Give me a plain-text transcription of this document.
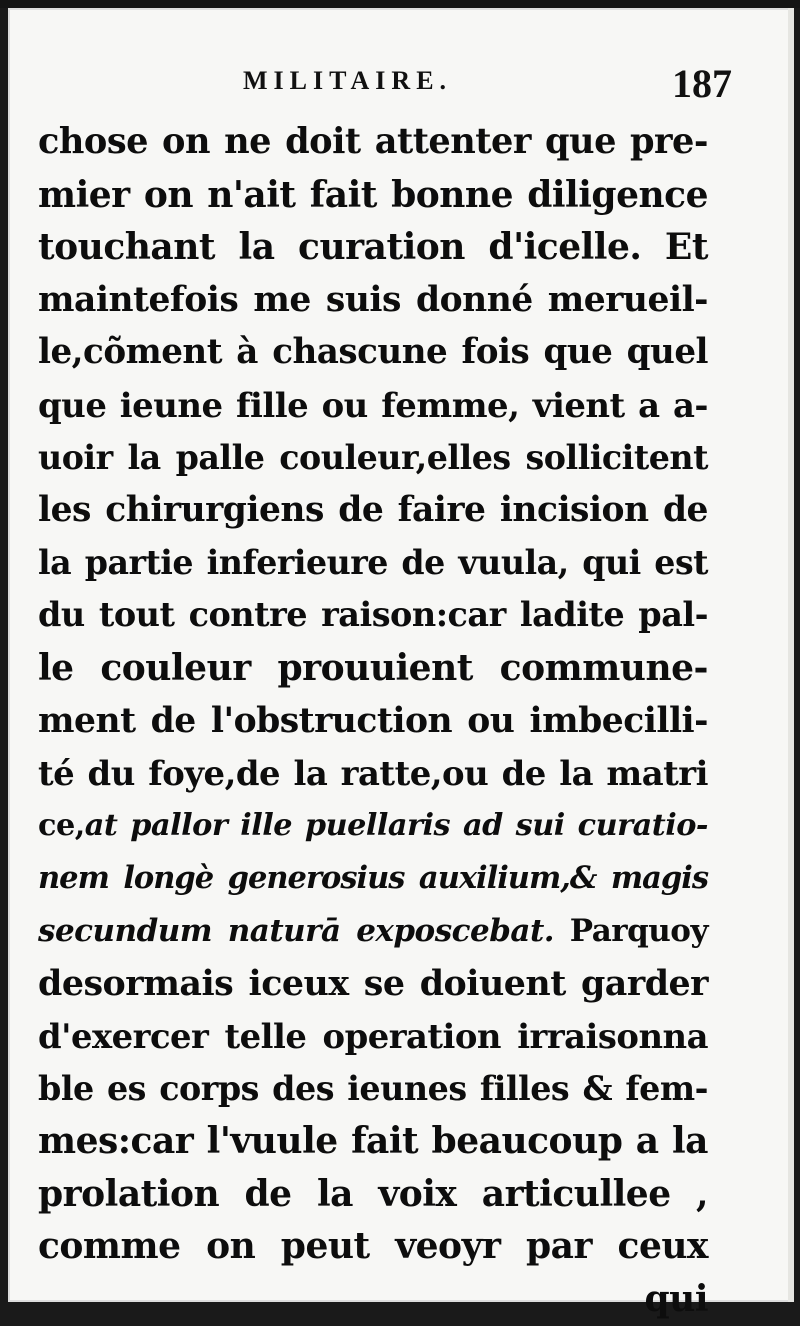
MILITAIRE.	187
chose on ne doit attenter que pre-
mier on n'ait fait bonne diligence
touchant la curation d'icelle. Et
maintefois me suis donné merueil-
le,cõment à chascune fois que quel
que ieune fille ou femme, vient a a-
uoir la palle couleur,elles sollicitent
les chirurgiens de faire incision de
la partie inferieure de vuula, qui est
du tout contre raison:car ladite pal-
le couleur prouuient commune-
ment de l'obstruction ou imbecilli-
té du foye,de la ratte,ou de la matri
ce,at pallor ille puellaris ad sui curatio-
nem longè generosius auxilium,& magis
secundum naturā exposcebat. Parquoy
desormais iceux se doiuent garder
d'exercer telle operation irraisonna
ble es corps des ieunes filles & fem-
mes:car l'vuule fait beaucoup a la
prolation de la voix articullee ,
comme on peut veoyr par ceux
qui
